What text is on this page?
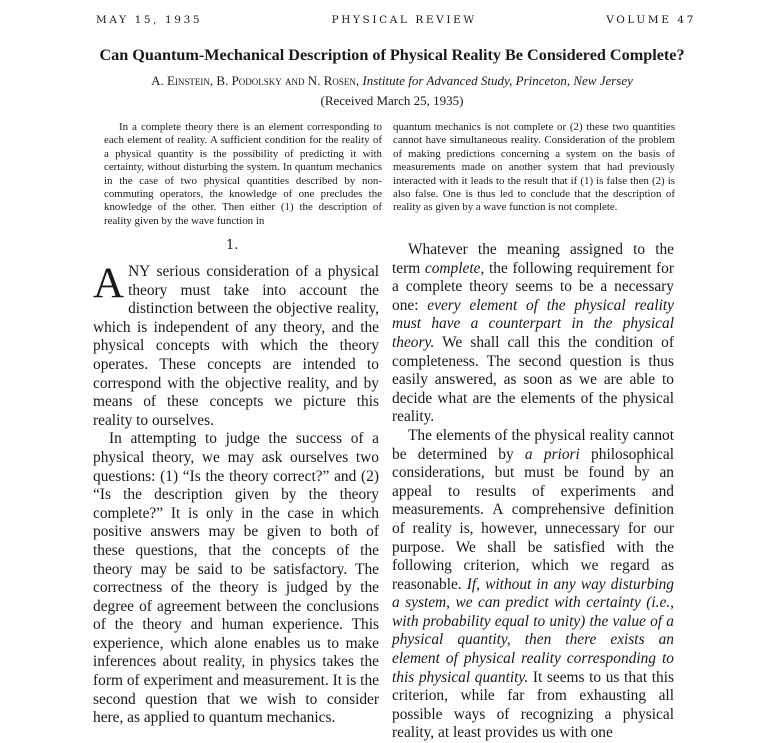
MAY 15, 1935	PHYSICAL REVIEW	VOLUME 47
Can Quantum-Mechanical Description of Physical Reality Be Considered Complete?
A. Einstein, B. Podolsky and N. Rosen, Institute for Advanced Study, Princeton, New Jersey
(Received March 25, 1935)

In a complete theory there is an element corresponding to each element of reality. A sufficient condition for the reality of a physical quantity is the possibility of predicting it with certainty, without disturbing the system. In quantum mechanics in the case of two physical quantities described by non-commuting operators, the knowledge of one precludes the knowledge of the other. Then either (1) the description of reality given by the wave function in

quantum mechanics is not complete or (2) these two quantities cannot have simultaneous reality. Consideration of the problem of making predictions concerning a system on the basis of measurements made on another system that had previously interacted with it leads to the result that if (1) is false then (2) is also false. One is thus led to conclude that the description of reality as given by a wave function is not complete.

1.

ANY serious consideration of a physical theory must take into account the distinction between the objective reality, which is independent of any theory, and the physical concepts with which the theory operates. These concepts are intended to correspond with the objective reality, and by means of these concepts we picture this reality to ourselves.

In attempting to judge the success of a physical theory, we may ask ourselves two questions: (1) “Is the theory correct?” and (2) “Is the description given by the theory complete?” It is only in the case in which positive answers may be given to both of these questions, that the concepts of the theory may be said to be satisfactory. The correctness of the theory is judged by the degree of agreement between the conclusions of the theory and human experience. This experience, which alone enables us to make inferences about reality, in physics takes the form of experiment and measurement. It is the second question that we wish to consider here, as applied to quantum mechanics.

Whatever the meaning assigned to the term complete, the following requirement for a complete theory seems to be a necessary one: every element of the physical reality must have a counterpart in the physical theory. We shall call this the condition of completeness. The second question is thus easily answered, as soon as we are able to decide what are the elements of the physical reality.

The elements of the physical reality cannot be determined by a priori philosophical considerations, but must be found by an appeal to results of experiments and measurements. A comprehensive definition of reality is, however, unnecessary for our purpose. We shall be satisfied with the following criterion, which we regard as reasonable. If, without in any way disturbing a system, we can predict with certainty (i.e., with probability equal to unity) the value of a physical quantity, then there exists an element of physical reality corresponding to this physical quantity. It seems to us that this criterion, while far from exhausting all possible ways of recognizing a physical reality, at least provides us with one
